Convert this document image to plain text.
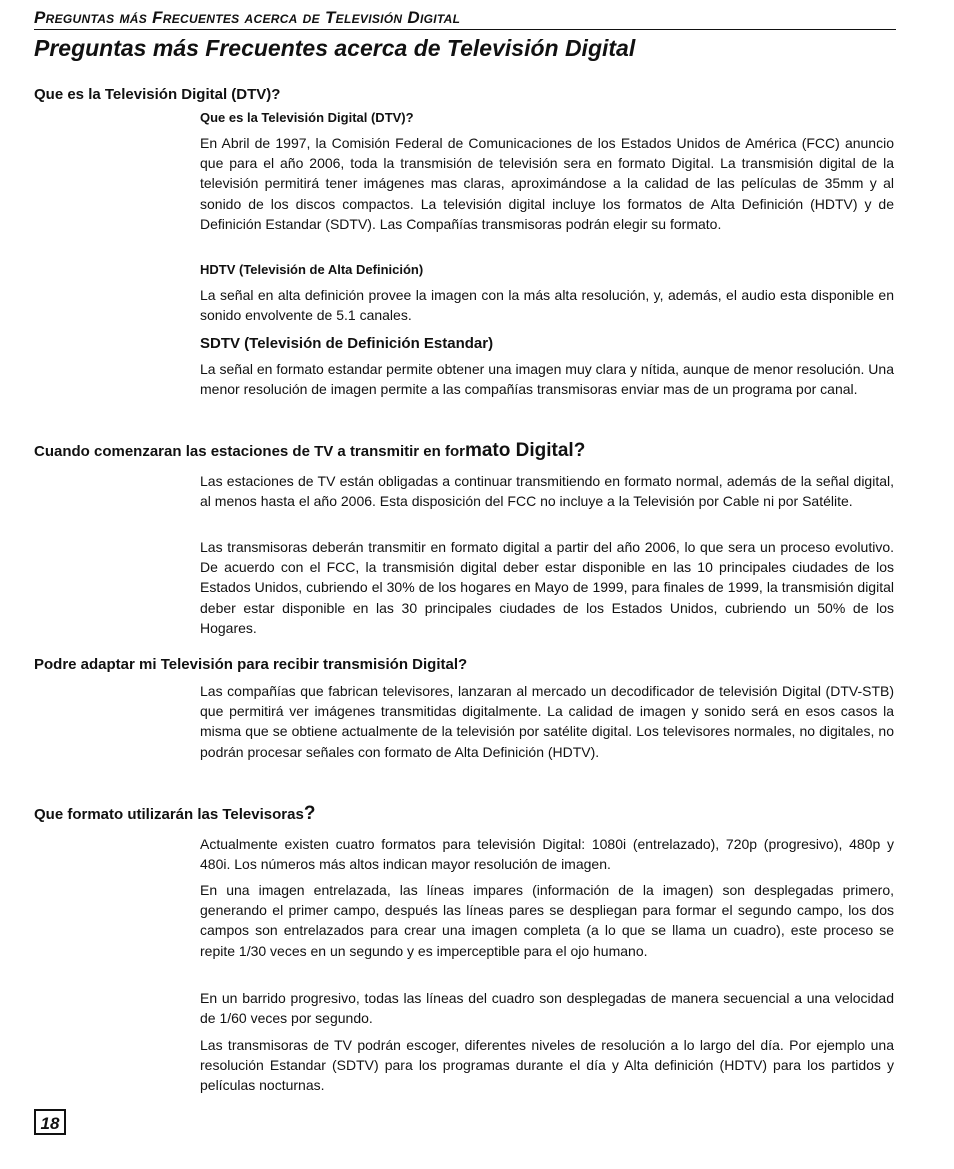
Preguntas más Frecuentes acerca de Televisión Digital
Preguntas más Frecuentes acerca de Televisión Digital
Que es la Televisión Digital (DTV)?
Que es la Televisión Digital (DTV)?

En Abril de 1997, la Comisión Federal de Comunicaciones de los Estados Unidos de América (FCC) anuncio que para el año 2006, toda la transmisión de televisión sera en formato Digital. La transmisión digital de la televisión permitirá tener imágenes mas claras, aproximándose a la calidad de las películas de 35mm y al sonido de los discos compactos. La televisión digital incluye los formatos de Alta Definición (HDTV) y de Definición Estandar (SDTV). Las Compañías transmisoras podrán elegir su formato.

HDTV (Televisión de Alta Definición)

La señal en alta definición provee la imagen con la más alta resolución, y, además, el audio esta disponible en sonido envolvente de 5.1 canales.

SDTV (Televisión de Definición Estandar)

La señal en formato estandar permite obtener una imagen muy clara y nítida, aunque de menor resolución. Una menor resolución de imagen permite a las compañías transmisoras enviar mas de un programa por canal.

Cuando comenzaran las estaciones de TV a transmitir en formato Digital?

Las estaciones de TV están obligadas a continuar transmitiendo en formato normal, además de la señal digital, al menos hasta el año 2006. Esta disposición del FCC no incluye a la Televisión por Cable ni por Satélite.

Las transmisoras deberán transmitir en formato digital a partir del año 2006, lo que sera un proceso evolutivo. De acuerdo con el FCC, la transmisión digital deber estar disponible en las 10 principales ciudades de los Estados Unidos, cubriendo el 30% de los hogares en Mayo de 1999, para finales de 1999, la transmisión digital deber estar disponible en las 30 principales ciudades de los Estados Unidos, cubriendo un 50% de los Hogares.

Podre adaptar mi Televisión para recibir transmisión Digital?

Las compañías que fabrican televisores, lanzaran al mercado un decodificador de televisión Digital (DTV-STB) que permitirá ver imágenes transmitidas digitalmente. La calidad de imagen y sonido será en esos casos la misma que se obtiene actualmente de la televisión por satélite digital. Los televisores normales, no digitales, no podrán procesar señales con formato de Alta Definición (HDTV).

Que formato utilizarán las Televisoras?

Actualmente existen cuatro formatos para televisión Digital: 1080i (entrelazado), 720p (progresivo), 480p y 480i. Los números más altos indican mayor resolución de imagen.

En una imagen entrelazada, las líneas impares (información de la imagen) son desplegadas primero, generando el primer campo, después las líneas pares se despliegan para formar el segundo campo, los dos campos son entrelazados para crear una imagen completa (a lo que se llama un cuadro), este proceso se repite 1/30 veces en un segundo y es imperceptible para el ojo humano.

En un barrido progresivo, todas las líneas del cuadro son desplegadas de manera secuencial a una velocidad de 1/60 veces por segundo.

Las transmisoras de TV podrán escoger, diferentes niveles de resolución a lo largo del día. Por ejemplo una resolución Estandar (SDTV) para los programas durante el día y Alta definición (HDTV) para los partidos y películas nocturnas.

18
